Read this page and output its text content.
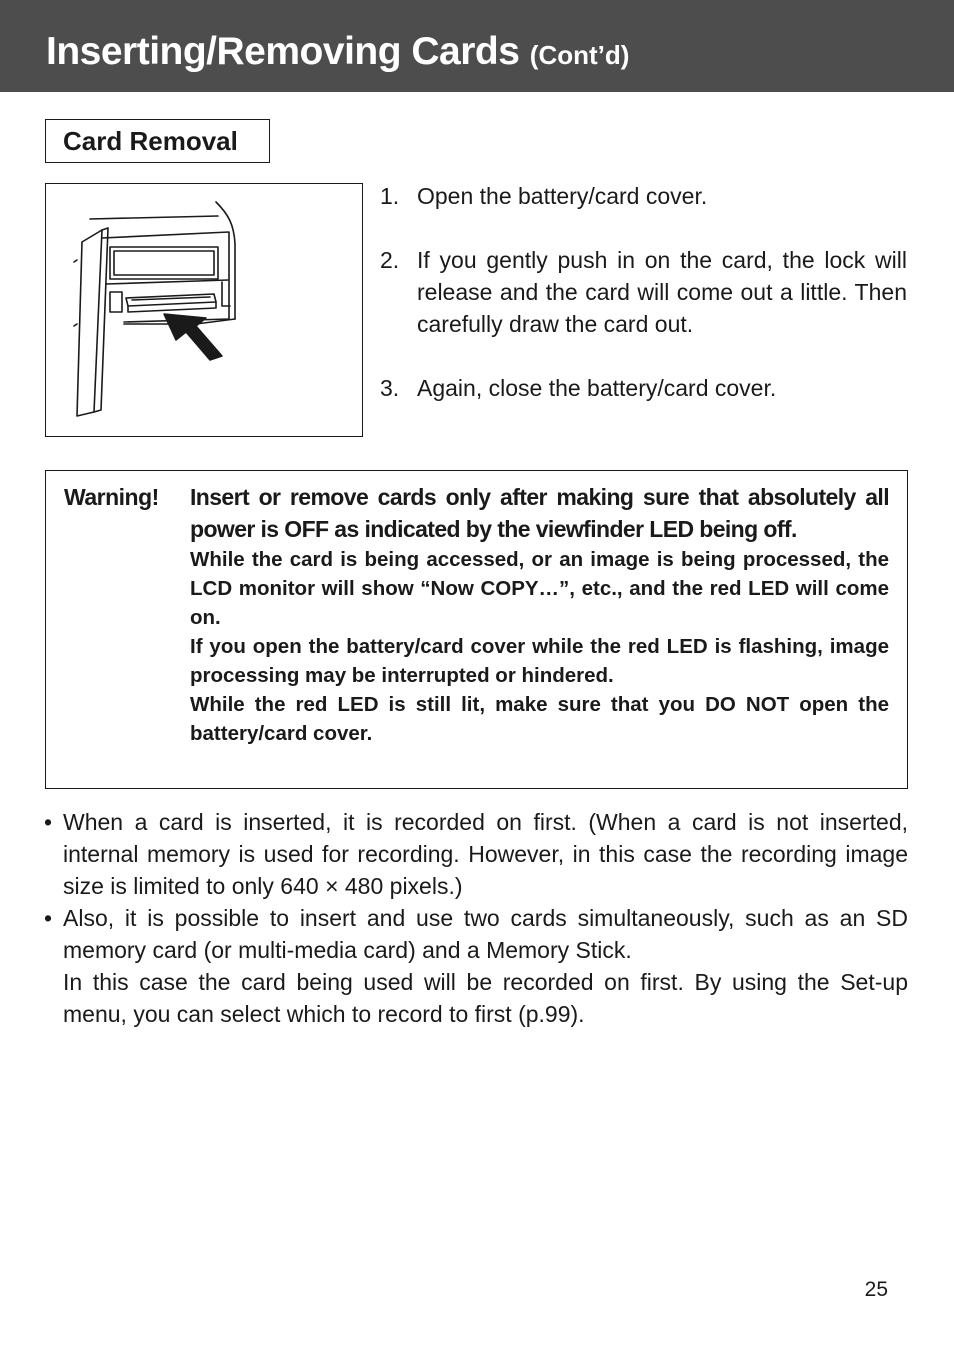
Inserting/Removing Cards (Cont’d)
Card Removal
1. Open the battery/card cover.
2. If you gently push in on the card, the lock will release and the card will come out a little. Then carefully draw the card out.
3. Again, close the battery/card cover.
Warning! Insert or remove cards only after making sure that absolutely all power is OFF as indicated by the viewfinder LED being off.

While the card is being accessed, or an image is being processed, the LCD monitor will show “Now COPY…”, etc., and the red LED will come on.

If you open the battery/card cover while the red LED is flashing, image processing may be interrupted or hindered.

While the red LED is still lit, make sure that you DO NOT open the battery/card cover.

• When a card is inserted, it is recorded on first. (When a card is not inserted, internal memory is used for recording. However, in this case the recording image size is limited to only 640 × 480 pixels.)

• Also, it is possible to insert and use two cards simultaneously, such as an SD memory card (or multi-media card) and a Memory Stick.

In this case the card being used will be recorded on first. By using the Set-up menu, you can select which to record to first (p.99).

25
